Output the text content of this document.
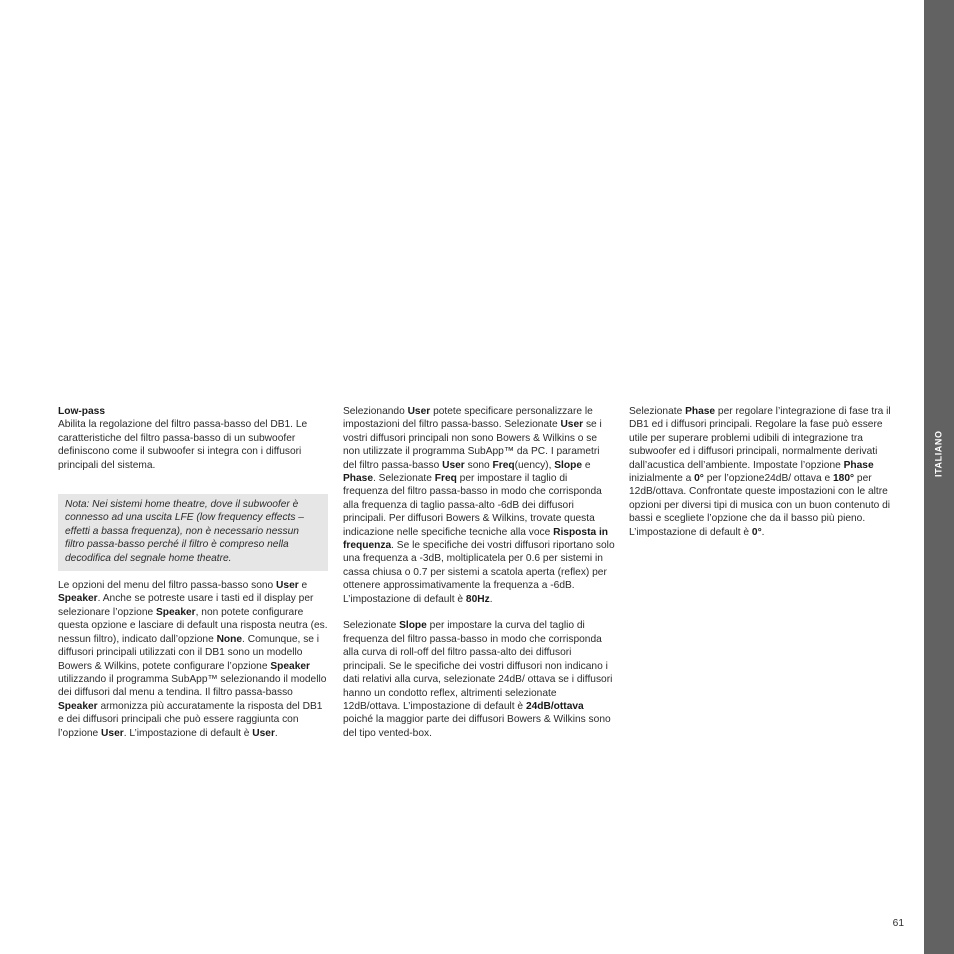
ITALIANO

Low-pass

Abilita la regolazione del filtro passa-basso del DB1. Le caratteristiche del filtro passa-basso di un subwoofer definiscono come il subwoofer si integra con i diffusori principali del sistema.

Nota: Nei sistemi home theatre, dove il subwoofer è connesso ad una uscita LFE (low frequency effects – effetti a bassa frequenza), non è necessario nessun filtro passa-basso perché il filtro è compreso nella decodifica del segnale home theatre.

Le opzioni del menu del filtro passa-basso sono User e Speaker. Anche se potreste usare i tasti ed il display per selezionare l’opzione Speaker, non potete configurare questa opzione e lasciare di default una risposta neutra (es. nessun filtro), indicato dall’opzione None. Comunque, se i diffusori principali utilizzati con il DB1 sono un modello Bowers & Wilkins, potete configurare l’opzione Speaker utilizzando il programma SubApp™ selezionando il modello dei diffusori dal menu a tendina. Il filtro passa-basso Speaker armonizza più accuratamente la risposta del DB1 e dei diffusori principali che può essere raggiunta con l’opzione User. L’impostazione di default è User.

Selezionando User potete specificare personalizzare le impostazioni del filtro passa-basso. Selezionate User se i vostri diffusori principali non sono Bowers & Wilkins o se non utilizzate il programma SubApp™ da PC. I parametri del filtro passa-basso User sono Freq(uency), Slope e Phase. Selezionate Freq per impostare il taglio di frequenza del filtro passa-basso in modo che corrisponda alla frequenza di taglio passa-alto -6dB dei diffusori principali. Per diffusori Bowers & Wilkins, trovate questa indicazione nelle specifiche tecniche alla voce Risposta in frequenza. Se le specifiche dei vostri diffusori riportano solo una frequenza a -3dB, moltiplicatela per 0.6 per sistemi in cassa chiusa o 0.7 per sistemi a scatola aperta (reflex) per ottenere approssimativamente la frequenza a -6dB. L’impostazione di default è 80Hz.

Selezionate Slope per impostare la curva del taglio di frequenza del filtro passa-basso in modo che corrisponda alla curva di roll-off del filtro passa-alto dei diffusori principali. Se le specifiche dei vostri diffusori non indicano i dati relativi alla curva, selezionate 24dB/ ottava se i diffusori hanno un condotto reflex, altrimenti selezionate 12dB/ottava. L’impostazione di default è 24dB/ottava poiché la maggior parte dei diffusori Bowers & Wilkins sono del tipo vented-box.

Selezionate Phase per regolare l’integrazione di fase tra il DB1 ed i diffusori principali. Regolare la fase può essere utile per superare problemi udibili di integrazione tra subwoofer ed i diffusori principali, normalmente derivati dall’acustica dell’ambiente. Impostate l’opzione Phase inizialmente a 0° per l’opzione24dB/ ottava e 180° per 12dB/ottava. Confrontate queste impostazioni con le altre opzioni per diversi tipi di musica con un buon contenuto di bassi e scegliete l’opzione che da il basso più pieno. L’impostazione di default è 0°.

61
